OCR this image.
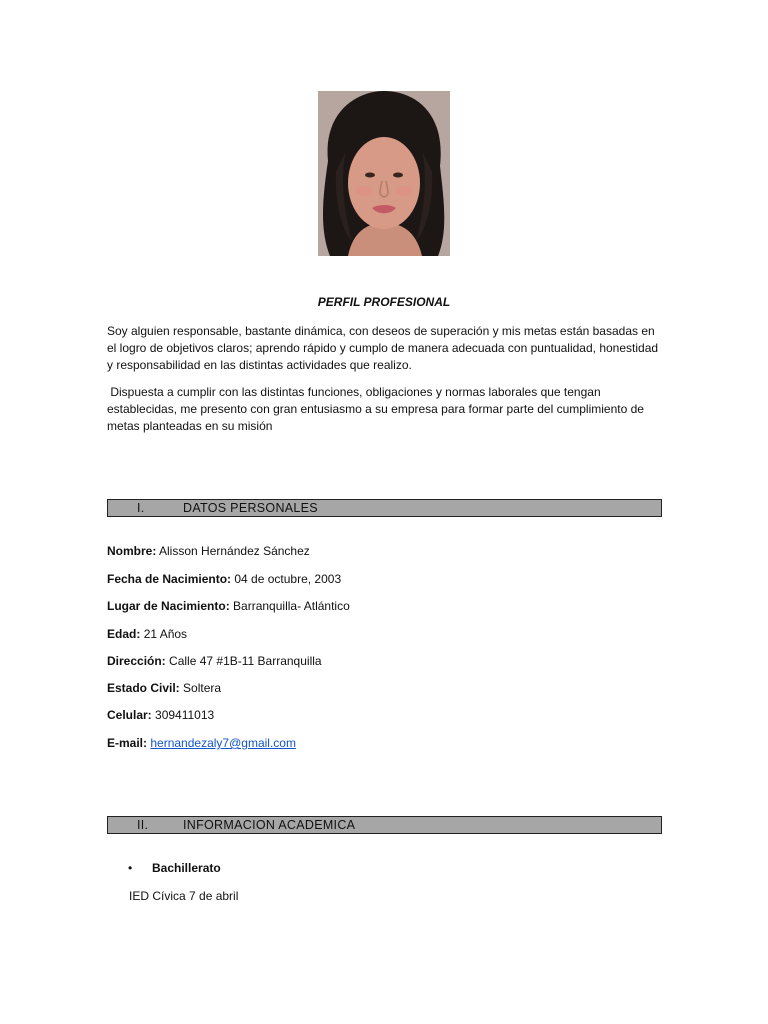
PERFIL PROFESIONAL
Soy alguien responsable, bastante dinámica, con deseos de superación y mis metas están basadas en el logro de objetivos claros; aprendo rápido y cumplo de manera adecuada con puntualidad, honestidad y responsabilidad en las distintas actividades que realizo.
Dispuesta a cumplir con las distintas funciones, obligaciones y normas laborales que tengan establecidas, me presento con gran entusiasmo a su empresa para formar parte del cumplimiento de metas planteadas en su misión
I.	DATOS PERSONALES
Nombre: Alisson Hernández Sánchez
Fecha de Nacimiento: 04 de octubre, 2003
Lugar de Nacimiento: Barranquilla- Atlántico
Edad: 21 Años
Dirección: Calle 47 #1B-11 Barranquilla
Estado Civil: Soltera
Celular: 309411013
E-mail: hernandezaly7@gmail.com
II.	INFORMACION ACADEMICA
• Bachillerato
IED Cívica 7 de abril
